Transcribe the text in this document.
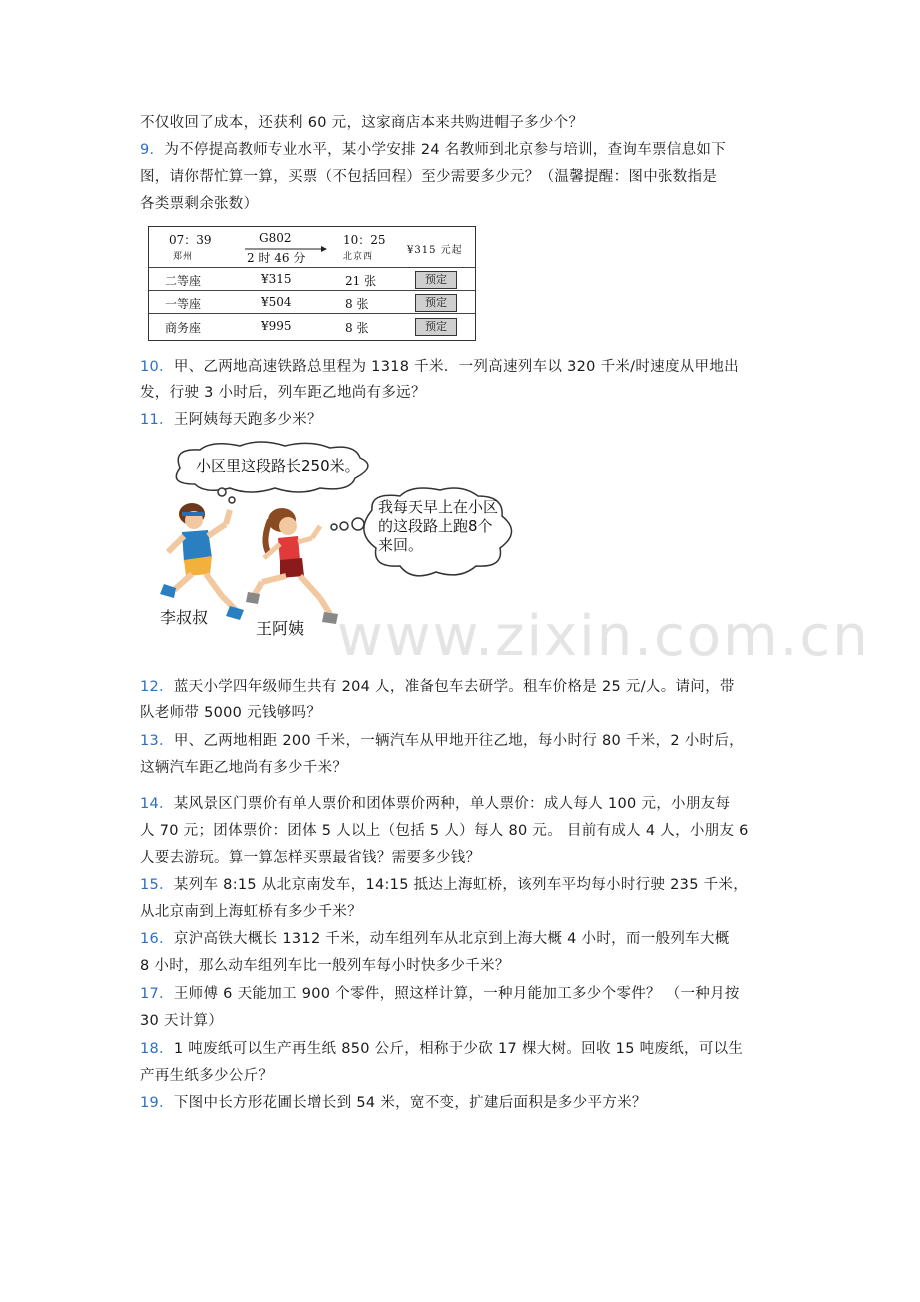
不仅收回了成本，还获利 60 元，这家商店本来共购进帽子多少个？
9．为不停提高教师专业水平，某小学安排 24 名教师到北京参与培训，查询车票信息如下
图，请你帮忙算一算，买票（不包括回程）至少需要多少元？（温馨提醒：图中张数指是
各类票剩余张数）
07：39
郑州
G802
2 时 46 分
10：25
北京西
¥315 元起
二等座	¥315	21 张	预定
一等座	¥504	8 张	预定
商务座	¥995	8 张	预定
10．甲、乙两地高速铁路总里程为 1318 千米．一列高速列车以 320 千米/时速度从甲地出
发，行驶 3 小时后，列车距乙地尚有多远？
11．王阿姨每天跑多少米？
小区里这段路长250米。
我每天早上在小区
的这段路上跑8个
来回。
李叔叔
王阿姨 www.zixin.com.cn
12．蓝天小学四年级师生共有 204 人，准备包车去研学。租车价格是 25 元/人。请问，带
队老师带 5000 元钱够吗？
13．甲、乙两地相距 200 千米，一辆汽车从甲地开往乙地，每小时行 80 千米，2 小时后，
这辆汽车距乙地尚有多少千米？
14．某风景区门票价有单人票价和团体票价两种，单人票价：成人每人 100 元，小朋友每
人 70 元；团体票价：团体 5 人以上（包括 5 人）每人 80 元。 目前有成人 4 人，小朋友 6
人要去游玩。算一算怎样买票最省钱？需要多少钱？
15．某列车 8:15 从北京南发车，14:15 抵达上海虹桥，该列车平均每小时行驶 235 千米，
从北京南到上海虹桥有多少千米？
16．京沪高铁大概长 1312 千米，动车组列车从北京到上海大概 4 小时，而一般列车大概
8 小时，那么动车组列车比一般列车每小时快多少千米？
17．王师傅 6 天能加工 900 个零件，照这样计算，一种月能加工多少个零件？ （一种月按
30 天计算）
18．1 吨废纸可以生产再生纸 850 公斤，相称于少砍 17 棵大树。回收 15 吨废纸，可以生
产再生纸多少公斤？
19．下图中长方形花圃长增长到 54 米，宽不变，扩建后面积是多少平方米？
